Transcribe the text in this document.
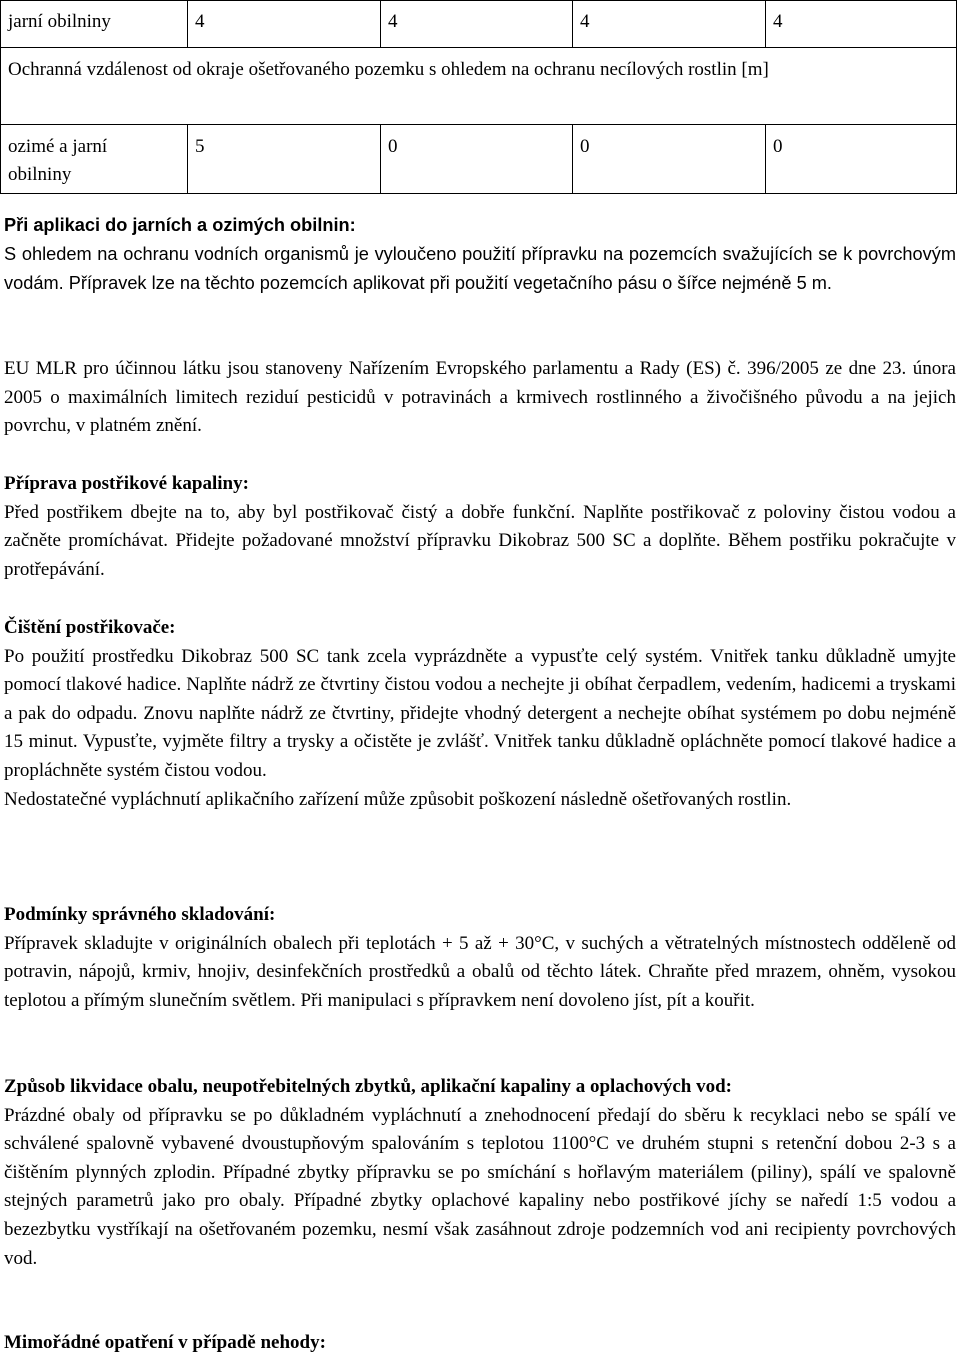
jarní obilniny	4	4	4	4
Ochranná vzdálenost od okraje ošetřovaného pozemku s ohledem na ochranu necílových rostlin [m]				
ozimé a jarní obilniny	5	0	0	0

Při aplikaci do jarních a ozimých obilnin:

S ohledem na ochranu vodních organismů je vyloučeno použití přípravku na pozemcích svažujících se k povrchovým vodám. Přípravek lze na těchto pozemcích aplikovat při použití vegetačního pásu o šířce nejméně 5 m.

EU MLR pro účinnou látku jsou stanoveny Nařízením Evropského parlamentu a Rady (ES) č. 396/2005 ze dne 23. února 2005 o maximálních limitech reziduí pesticidů v potravinách a krmivech rostlinného a živočišného původu a na jejich povrchu, v platném znění.

Příprava postřikové kapaliny:

Před postřikem dbejte na to, aby byl postřikovač čistý a dobře funkční. Naplňte postřikovač z poloviny čistou vodou a začněte promíchávat. Přidejte požadované množství přípravku Dikobraz 500 SC a doplňte. Během postřiku pokračujte v protřepávání.

Čištění postřikovače:

Po použití prostředku Dikobraz 500 SC tank zcela vyprázdněte a vypusťte celý systém. Vnitřek tanku důkladně umyjte pomocí tlakové hadice. Naplňte nádrž ze čtvrtiny čistou vodou a nechejte ji obíhat čerpadlem, vedením, hadicemi a tryskami a pak do odpadu. Znovu naplňte nádrž ze čtvrtiny, přidejte vhodný detergent a nechejte obíhat systémem po dobu nejméně 15 minut. Vypusťte, vyjměte filtry a trysky a očistěte je zvlášť. Vnitřek tanku důkladně opláchněte pomocí tlakové hadice a propláchněte systém čistou vodou.

Nedostatečné vypláchnutí aplikačního zařízení může způsobit poškození následně ošetřovaných rostlin.

Podmínky správného skladování:

Přípravek skladujte v originálních obalech při teplotách + 5 až + 30°C, v suchých a větratelných místnostech odděleně od potravin, nápojů, krmiv, hnojiv, desinfekčních prostředků a obalů od těchto látek. Chraňte před mrazem, ohněm, vysokou teplotou a přímým slunečním světlem. Při manipulaci s přípravkem není dovoleno jíst, pít a kouřit.

Způsob likvidace obalu, neupotřebitelných zbytků, aplikační kapaliny a oplachových vod:

Prázdné obaly od přípravku se po důkladném vypláchnutí a znehodnocení předají do sběru k recyklaci nebo se spálí ve schválené spalovně vybavené dvoustupňovým spalováním s teplotou 1100°C ve druhém stupni s retenční dobou 2-3 s a čištěním plynných zplodin. Případné zbytky přípravku se po smíchání s hořlavým materiálem (piliny), spálí ve spalovně stejných parametrů jako pro obaly. Případné zbytky oplachové kapaliny nebo postřikové jíchy se naředí 1:5 vodou a bezezbytku vystříkají na ošetřovaném pozemku, nesmí však zasáhnout zdroje podzemních vod ani recipienty povrchových vod.

Mimořádné opatření v případě nehody:
